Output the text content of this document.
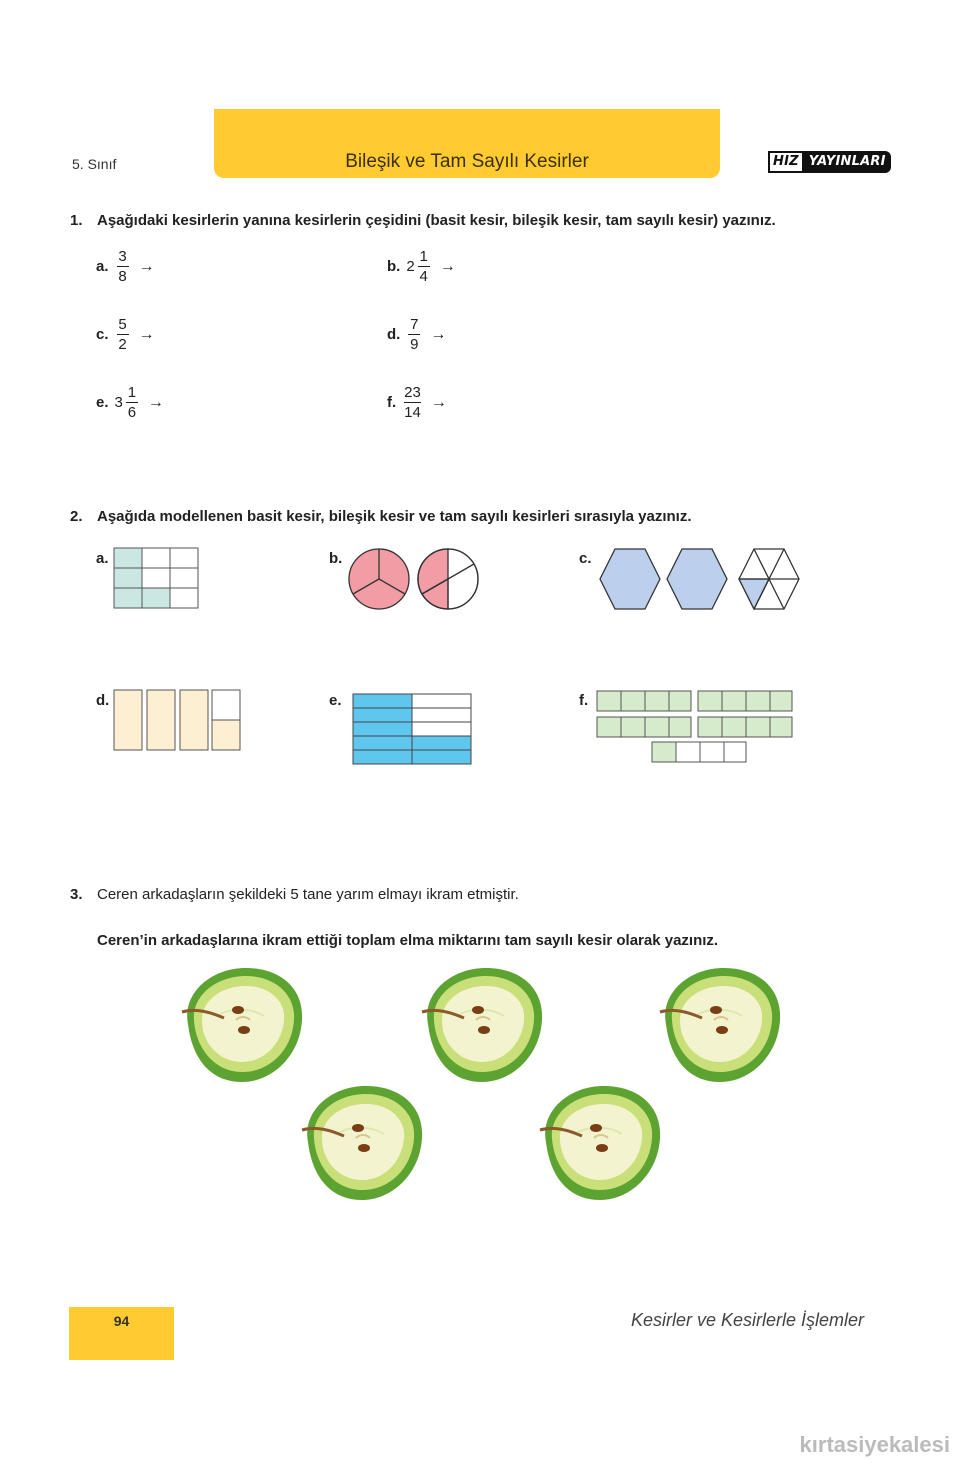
5. Sınıf	Bileşik ve Tam Sayılı Kesirler	HIZ YAYINLARI
1. Aşağıdaki kesirlerin yanına kesirlerin çeşidini (basit kesir, bileşik kesir, tam sayılı kesir) yazınız.
a. $\frac{3}{8}$ →	b. $2 \frac{1}{4}$ →
c. $\frac{5}{2}$ →	d. $\frac{7}{9}$ →
e. $3 \frac{1}{6}$ →	f. $\frac{23}{14}$ →
2. Aşağıda modellenen basit kesir, bileşik kesir ve tam sayılı kesirleri sırasıyla yazınız.
a.	b.	c.
d.	e.	f.
3. Ceren arkadaşların şekildeki 5 tane yarım elmayı ikram etmiştir.
Ceren’in arkadaşlarına ikram ettiği toplam elma miktarını tam sayılı kesir olarak yazınız.
94	Kesirler ve Kesirlerle İşlemler
kırtasiyekalesi
